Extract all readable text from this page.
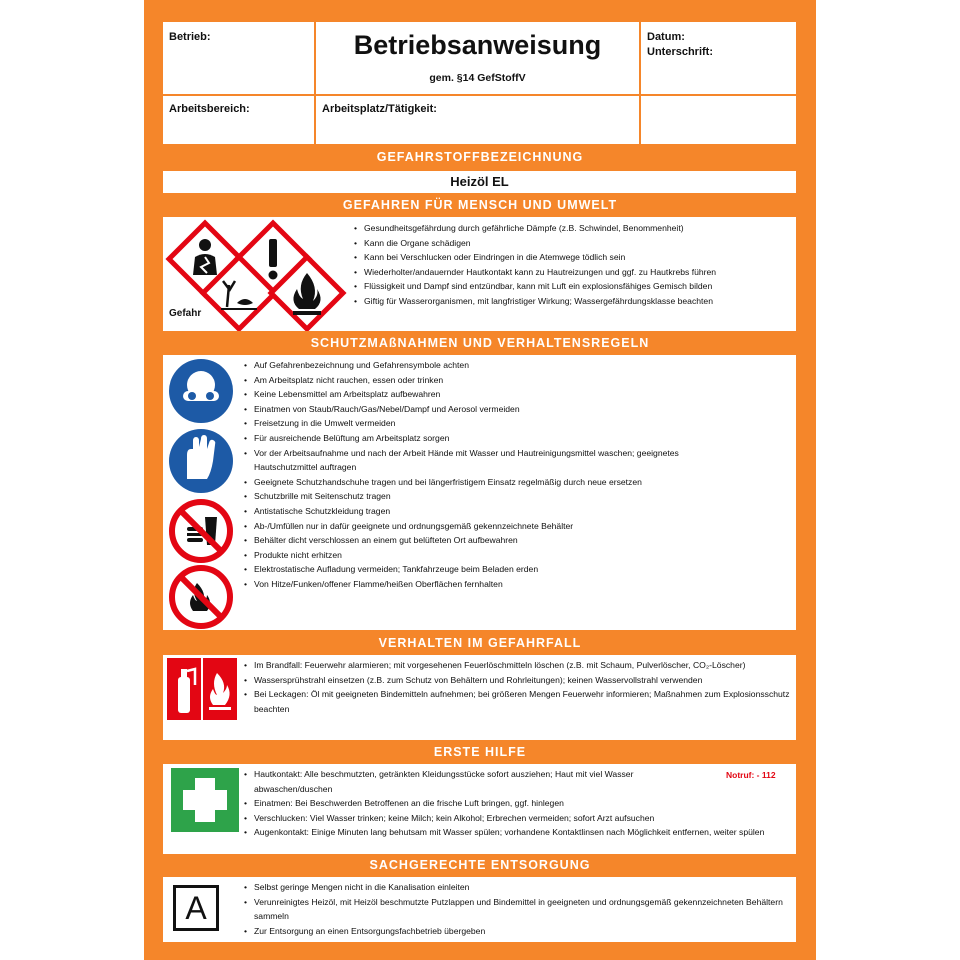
Betrieb:	Betriebsanweisung
gem. §14 GefStoffV
Datum:
Unterschrift:
Arbeitsbereich:	Arbeitsplatz/Tätigkeit:
GEFAHRSTOFFBEZEICHNUNG
Heizöl EL
GEFAHREN FÜR MENSCH UND UMWELT
Gefahr
• Gesundheitsgefährdung durch gefährliche Dämpfe (z.B. Schwindel, Benommenheit)
• Kann die Organe schädigen
• Kann bei Verschlucken oder Eindringen in die Atemwege tödlich sein
• Wiederholter/andauernder Hautkontakt kann zu Hautreizungen und ggf. zu Hautkrebs führen
• Flüssigkeit und Dampf sind entzündbar, kann mit Luft ein explosionsfähiges Gemisch bilden
• Giftig für Wasserorganismen, mit langfristiger Wirkung; Wassergefährdungsklasse beachten
SCHUTZMAßNAHMEN UND VERHALTENSREGELN
• Auf Gefahrenbezeichnung und Gefahrensymbole achten
• Am Arbeitsplatz nicht rauchen, essen oder trinken
• Keine Lebensmittel am Arbeitsplatz aufbewahren
• Einatmen von Staub/Rauch/Gas/Nebel/Dampf und Aerosol vermeiden
• Freisetzung in die Umwelt vermeiden
• Für ausreichende Belüftung am Arbeitsplatz sorgen
• Vor der Arbeitsaufnahme und nach der Arbeit Hände mit Wasser und Hautreinigungsmittel waschen; geeignetes Hautschutzmittel auftragen
• Geeignete Schutzhandschuhe tragen und bei längerfristigem Einsatz regelmäßig durch neue ersetzen
• Schutzbrille mit Seitenschutz tragen
• Antistatische Schutzkleidung tragen
• Ab-/Umfüllen nur in dafür geeignete und ordnungsgemäß gekennzeichnete Behälter
• Behälter dicht verschlossen an einem gut belüfteten Ort aufbewahren
• Produkte nicht erhitzen
• Elektrostatische Aufladung vermeiden; Tankfahrzeuge beim Beladen erden
• Von Hitze/Funken/offener Flamme/heißen Oberflächen fernhalten
VERHALTEN IM GEFAHRFALL
• Im Brandfall: Feuerwehr alarmieren; mit vorgesehenen Feuerlöschmitteln löschen (z.B. mit Schaum, Pulverlöscher, CO₂-Löscher)
• Wassersprühstrahl einsetzen (z.B. zum Schutz von Behältern und Rohrleitungen); keinen Wasservollstrahl verwenden
• Bei Leckagen: Öl mit geeigneten Bindemitteln aufnehmen; bei größeren Mengen Feuerwehr informieren; Maßnahmen zum Explosionsschutz beachten
ERSTE HILFE
Notruf: - 112
• Hautkontakt: Alle beschmutzten, getränkten Kleidungsstücke sofort ausziehen; Haut mit viel Wasser abwaschen/duschen
• Einatmen: Bei Beschwerden Betroffenen an die frische Luft bringen, ggf. hinlegen
• Verschlucken: Viel Wasser trinken; keine Milch; kein Alkohol; Erbrechen vermeiden; sofort Arzt aufsuchen
• Augenkontakt: Einige Minuten lang behutsam mit Wasser spülen; vorhandene Kontaktlinsen nach Möglichkeit entfernen, weiter spülen
SACHGERECHTE ENTSORGUNG
A
• Selbst geringe Mengen nicht in die Kanalisation einleiten
• Verunreinigtes Heizöl, mit Heizöl beschmutzte Putzlappen und Bindemittel in geeigneten und ordnungsgemäß gekennzeichneten Behältern sammeln
• Zur Entsorgung an einen Entsorgungsfachbetrieb übergeben
